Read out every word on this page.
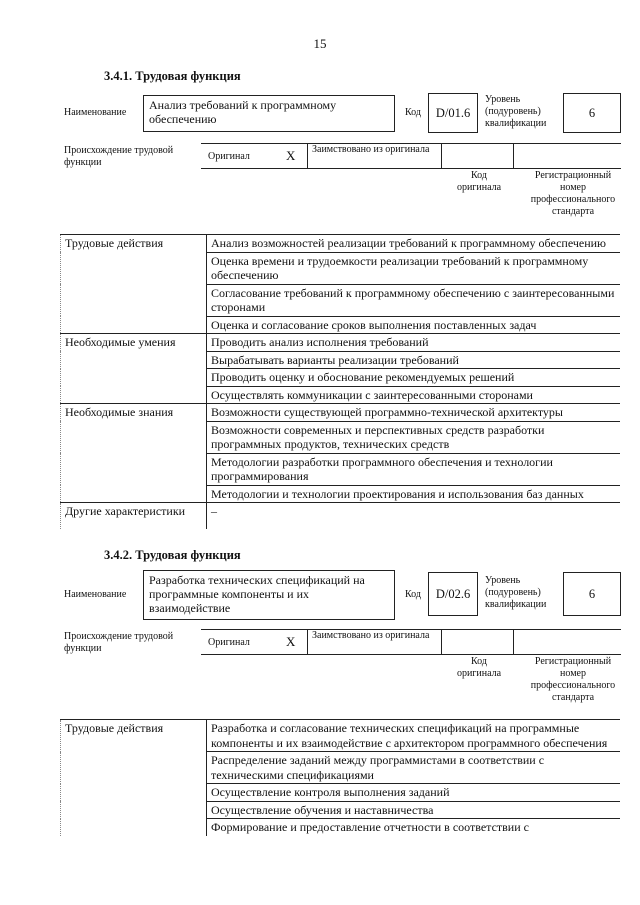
15
3.4.1. Трудовая функция
Наименование
Анализ требований к программному обеспечению	Код	D/01.6
Уровень (подуровень) квалификации
6
Происхождение трудовой функции
Оригинал	X Заимствовано из оригинала
Код оригинала
Регистрационный номер профессионального стандарта
Трудовые действия	Анализ возможностей реализации требований к программному обеспечению
	Оценка времени и трудоемкости реализации требований к программному обеспечению
	Согласование требований к программному обеспечению с заинтересованными сторонами
	Оценка и согласование сроков выполнения поставленных задач
Необходимые умения	Проводить анализ исполнения требований
	Вырабатывать варианты реализации требований
	Проводить оценку и обоснование рекомендуемых решений
	Осуществлять коммуникации с заинтересованными сторонами
Необходимые знания	Возможности существующей программно-технической архитектуры
	Возможности современных и перспективных средств разработки программных продуктов, технических средств
	Методологии разработки программного обеспечения и технологии программирования
	Методологии и технологии проектирования и использования баз данных
Другие характеристики	–
3.4.2. Трудовая функция
Наименование
Разработка технических спецификаций на программные компоненты и их взаимодействие
Код	D/02.6
Уровень (подуровень) квалификации
6
Происхождение трудовой функции
Оригинал	X Заимствовано из оригинала
Код оригинала
Регистрационный номер профессионального стандарта
Трудовые действия	Разработка и согласование технических спецификаций на программные компоненты и их взаимодействие с архитектором программного обеспечения
Распределение заданий между программистами в соответствии с техническими спецификациями
Осуществление контроля выполнения заданий
Осуществление обучения и наставничества
Формирование и предоставление отчетности в соответствии с
